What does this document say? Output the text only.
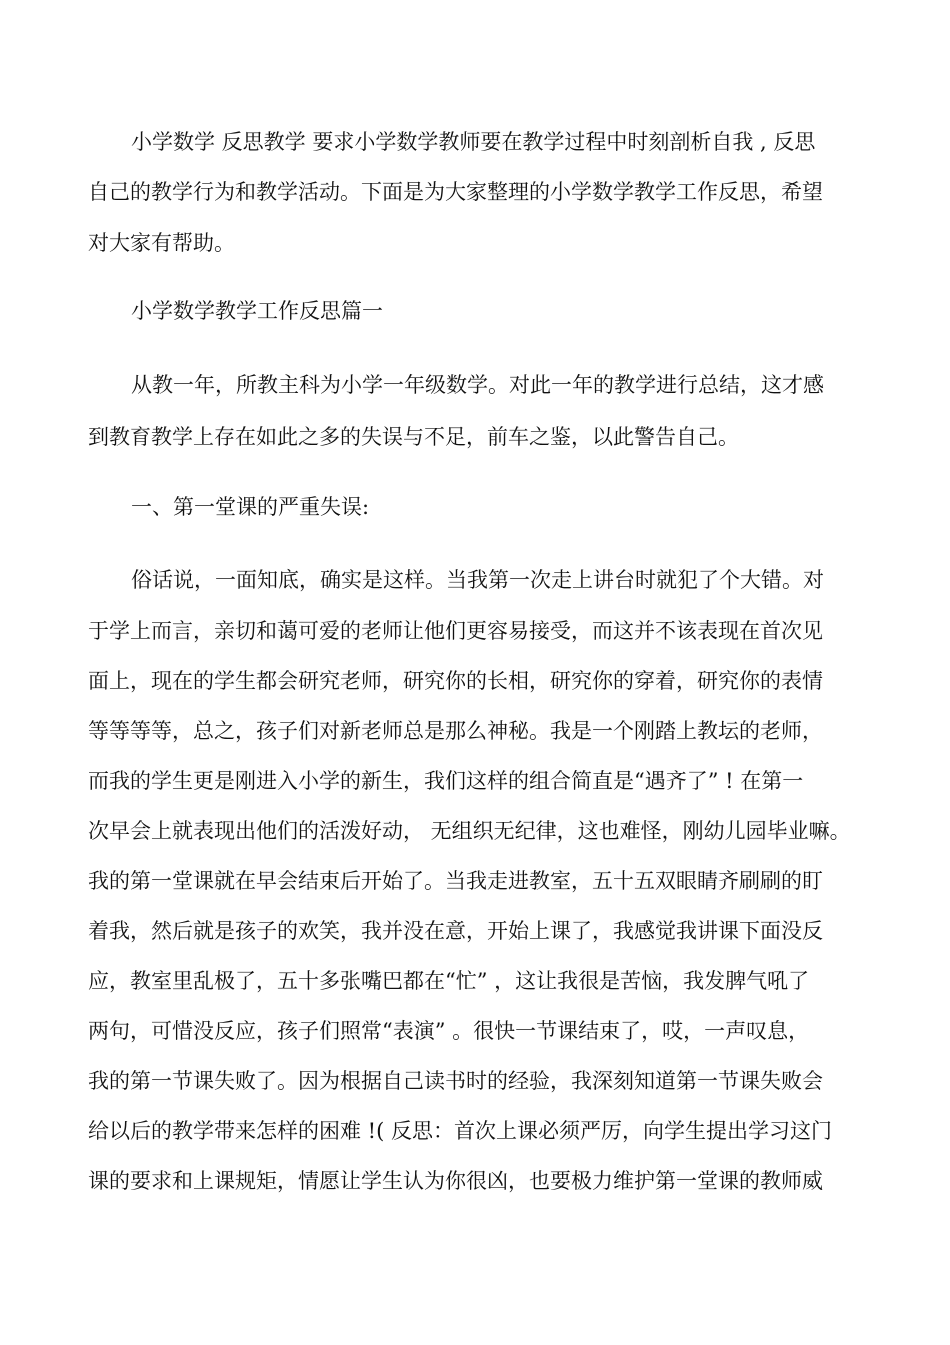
小学数学 反思教学 要求小学数学教师要在教学过程中时刻剖析自我 , 反思
自己的教学行为和教学活动。下面是为大家整理的小学数学教学工作反思，希望
对大家有帮助。
小学数学教学工作反思篇一
从教一年，所教主科为小学一年级数学。对此一年的教学进行总结，这才感
到教育教学上存在如此之多的失误与不足，前车之鉴，以此警告自己。
一、第一堂课的严重失误:
俗话说，一面知底，确实是这样。当我第一次走上讲台时就犯了个大错。对
于学上而言，亲切和蔼可爱的老师让他们更容易接受，而这并不该表现在首次见
面上，现在的学生都会研究老师，研究你的长相，研究你的穿着，研究你的表情
等等等等，总之，孩子们对新老师总是那么神秘。我是一个刚踏上教坛的老师，
而我的学生更是刚进入小学的新生，我们这样的组合简直是“遇齐了” ! 在第一
次早会上就表现出他们的活泼好动， 无组织无纪律，这也难怪，刚幼儿园毕业嘛。
我的第一堂课就在早会结束后开始了。当我走进教室，五十五双眼睛齐刷刷的盯
着我，然后就是孩子的欢笑，我并没在意，开始上课了，我感觉我讲课下面没反
应，教室里乱极了，五十多张嘴巴都在“忙” ，这让我很是苦恼，我发脾气吼了
两句，可惜没反应，孩子们照常“表演” 。很快一节课结束了，哎，一声叹息，
我的第一节课失败了。因为根据自己读书时的经验，我深刻知道第一节课失败会
给以后的教学带来怎样的困难 !( 反思：首次上课必须严厉，向学生提出学习这门
课的要求和上课规矩，情愿让学生认为你很凶，也要极力维护第一堂课的教师威
